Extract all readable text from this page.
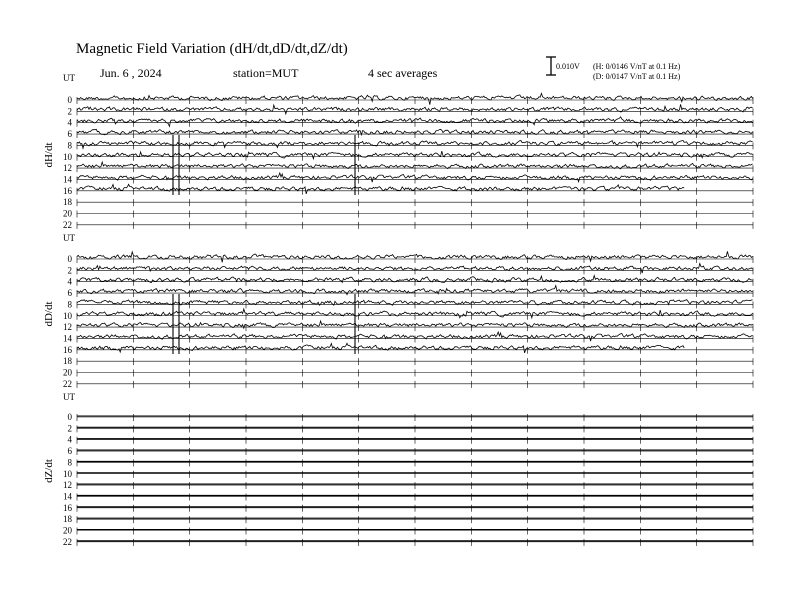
Magnetic Field Variation (dH/dt,dD/dt,dZ/dt)
Jun. 6 , 2024	station=MUT	4 sec averages	0.010V (H: 0/0146 V/nT at 0.1 Hz)
(D: 0/0147 V/nT at 0.1 Hz)
UT
dH/dt
0
2
4
6
8
10
12
14
16
18
20
22
UT
dD/dt
0
2
4
6
8
10
12
14
16
18
20
22
UT
dZ/dt
0
2
4
6
8
10
12
14
16
18
20
22
